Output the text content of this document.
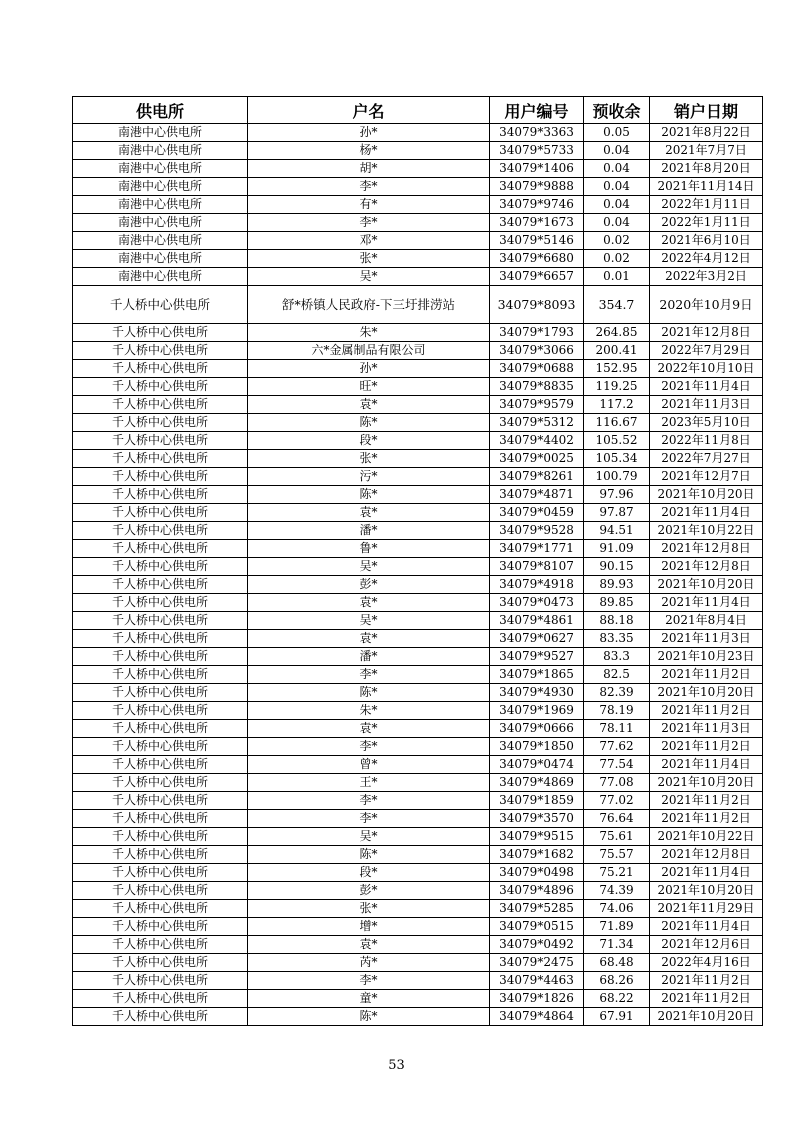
供电所	户名	用户编号	预收余	销户日期
南港中心供电所	孙*	34079*3363	0.05	2021年8月22日
南港中心供电所	杨*	34079*5733	0.04	2021年7月7日
南港中心供电所	胡*	34079*1406	0.04	2021年8月20日
南港中心供电所	李*	34079*9888	0.04	2021年11月14日
南港中心供电所	有*	34079*9746	0.04	2022年1月11日
南港中心供电所	李*	34079*1673	0.04	2022年1月11日
南港中心供电所	邓*	34079*5146	0.02	2021年6月10日
南港中心供电所	张*	34079*6680	0.02	2022年4月12日
南港中心供电所	吴*	34079*6657	0.01	2022年3月2日
千人桥中心供电所	舒*桥镇人民政府-下三圩排涝站	34079*8093	354.7	2020年10月9日
千人桥中心供电所	朱*	34079*1793	264.85	2021年12月8日
千人桥中心供电所	六*金属制品有限公司	34079*3066	200.41	2022年7月29日
千人桥中心供电所	孙*	34079*0688	152.95	2022年10月10日
千人桥中心供电所	旺*	34079*8835	119.25	2021年11月4日
千人桥中心供电所	袁*	34079*9579	117.2	2021年11月3日
千人桥中心供电所	陈*	34079*5312	116.67	2023年5月10日
千人桥中心供电所	段*	34079*4402	105.52	2022年11月8日
千人桥中心供电所	张*	34079*0025	105.34	2022年7月27日
千人桥中心供电所	污*	34079*8261	100.79	2021年12月7日
千人桥中心供电所	陈*	34079*4871	97.96	2021年10月20日
千人桥中心供电所	袁*	34079*0459	97.87	2021年11月4日
千人桥中心供电所	潘*	34079*9528	94.51	2021年10月22日
千人桥中心供电所	鲁*	34079*1771	91.09	2021年12月8日
千人桥中心供电所	吴*	34079*8107	90.15	2021年12月8日
千人桥中心供电所	彭*	34079*4918	89.93	2021年10月20日
千人桥中心供电所	袁*	34079*0473	89.85	2021年11月4日
千人桥中心供电所	吴*	34079*4861	88.18	2021年8月4日
千人桥中心供电所	袁*	34079*0627	83.35	2021年11月3日
千人桥中心供电所	潘*	34079*9527	83.3	2021年10月23日
千人桥中心供电所	李*	34079*1865	82.5	2021年11月2日
千人桥中心供电所	陈*	34079*4930	82.39	2021年10月20日
千人桥中心供电所	朱*	34079*1969	78.19	2021年11月2日
千人桥中心供电所	袁*	34079*0666	78.11	2021年11月3日
千人桥中心供电所	李*	34079*1850	77.62	2021年11月2日
千人桥中心供电所	曾*	34079*0474	77.54	2021年11月4日
千人桥中心供电所	王*	34079*4869	77.08	2021年10月20日
千人桥中心供电所	李*	34079*1859	77.02	2021年11月2日
千人桥中心供电所	李*	34079*3570	76.64	2021年11月2日
千人桥中心供电所	吴*	34079*9515	75.61	2021年10月22日
千人桥中心供电所	陈*	34079*1682	75.57	2021年12月8日
千人桥中心供电所	段*	34079*0498	75.21	2021年11月4日
千人桥中心供电所	彭*	34079*4896	74.39	2021年10月20日
千人桥中心供电所	张*	34079*5285	74.06	2021年11月29日
千人桥中心供电所	增*	34079*0515	71.89	2021年11月4日
千人桥中心供电所	袁*	34079*0492	71.34	2021年12月6日
千人桥中心供电所	芮*	34079*2475	68.48	2022年4月16日
千人桥中心供电所	李*	34079*4463	68.26	2021年11月2日
千人桥中心供电所	童*	34079*1826	68.22	2021年11月2日
千人桥中心供电所	陈*	34079*4864	67.91	2021年10月20日
53
